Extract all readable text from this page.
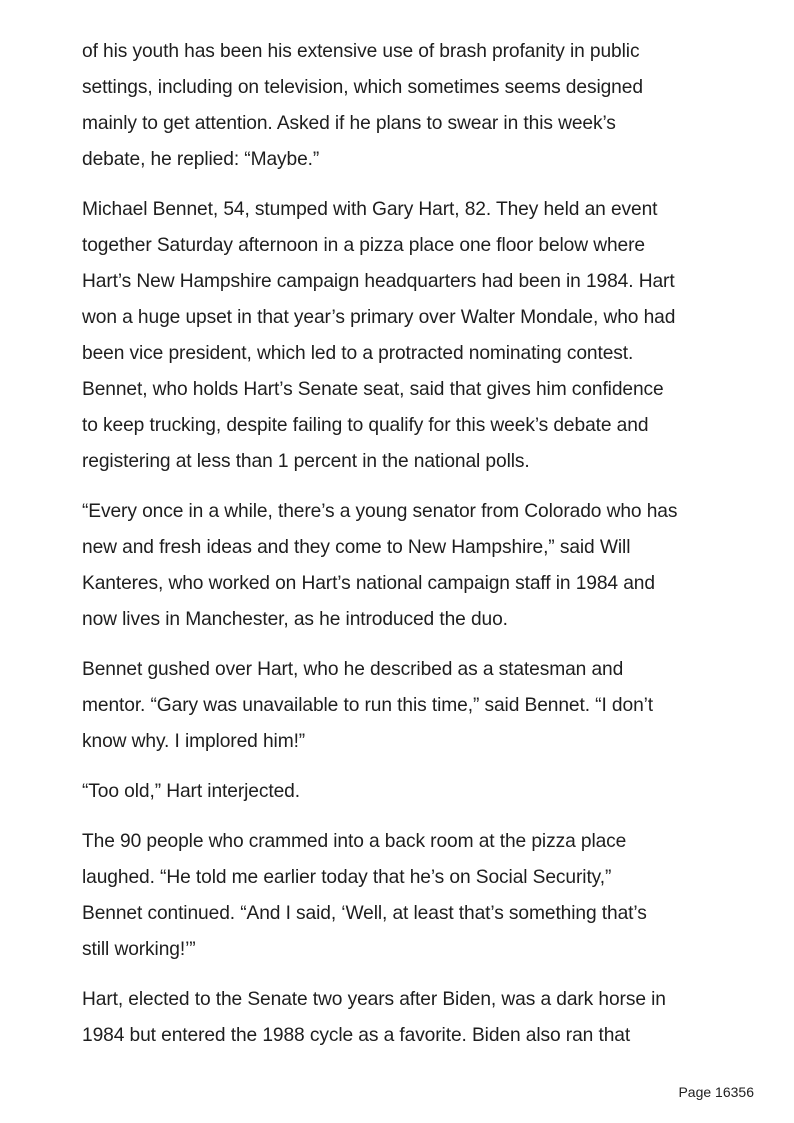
of his youth has been his extensive use of brash profanity in public
settings, including on television, which sometimes seems designed
mainly to get attention. Asked if he plans to swear in this week’s
debate, he replied: “Maybe.”

Michael Bennet, 54, stumped with Gary Hart, 82. They held an event
together Saturday afternoon in a pizza place one floor below where
Hart’s New Hampshire campaign headquarters had been in 1984. Hart
won a huge upset in that year’s primary over Walter Mondale, who had
been vice president, which led to a protracted nominating contest.
Bennet, who holds Hart’s Senate seat, said that gives him confidence
to keep trucking, despite failing to qualify for this week’s debate and
registering at less than 1 percent in the national polls.

“Every once in a while, there’s a young senator from Colorado who has
new and fresh ideas and they come to New Hampshire,” said Will
Kanteres, who worked on Hart’s national campaign staff in 1984 and
now lives in Manchester, as he introduced the duo.

Bennet gushed over Hart, who he described as a statesman and
mentor. “Gary was unavailable to run this time,” said Bennet. “I don’t
know why. I implored him!”

“Too old,” Hart interjected.

The 90 people who crammed into a back room at the pizza place
laughed. “He told me earlier today that he’s on Social Security,”
Bennet continued. “And I said, ‘Well, at least that’s something that’s
still working!’”

Hart, elected to the Senate two years after Biden, was a dark horse in
1984 but entered the 1988 cycle as a favorite. Biden also ran that

Page 16356
